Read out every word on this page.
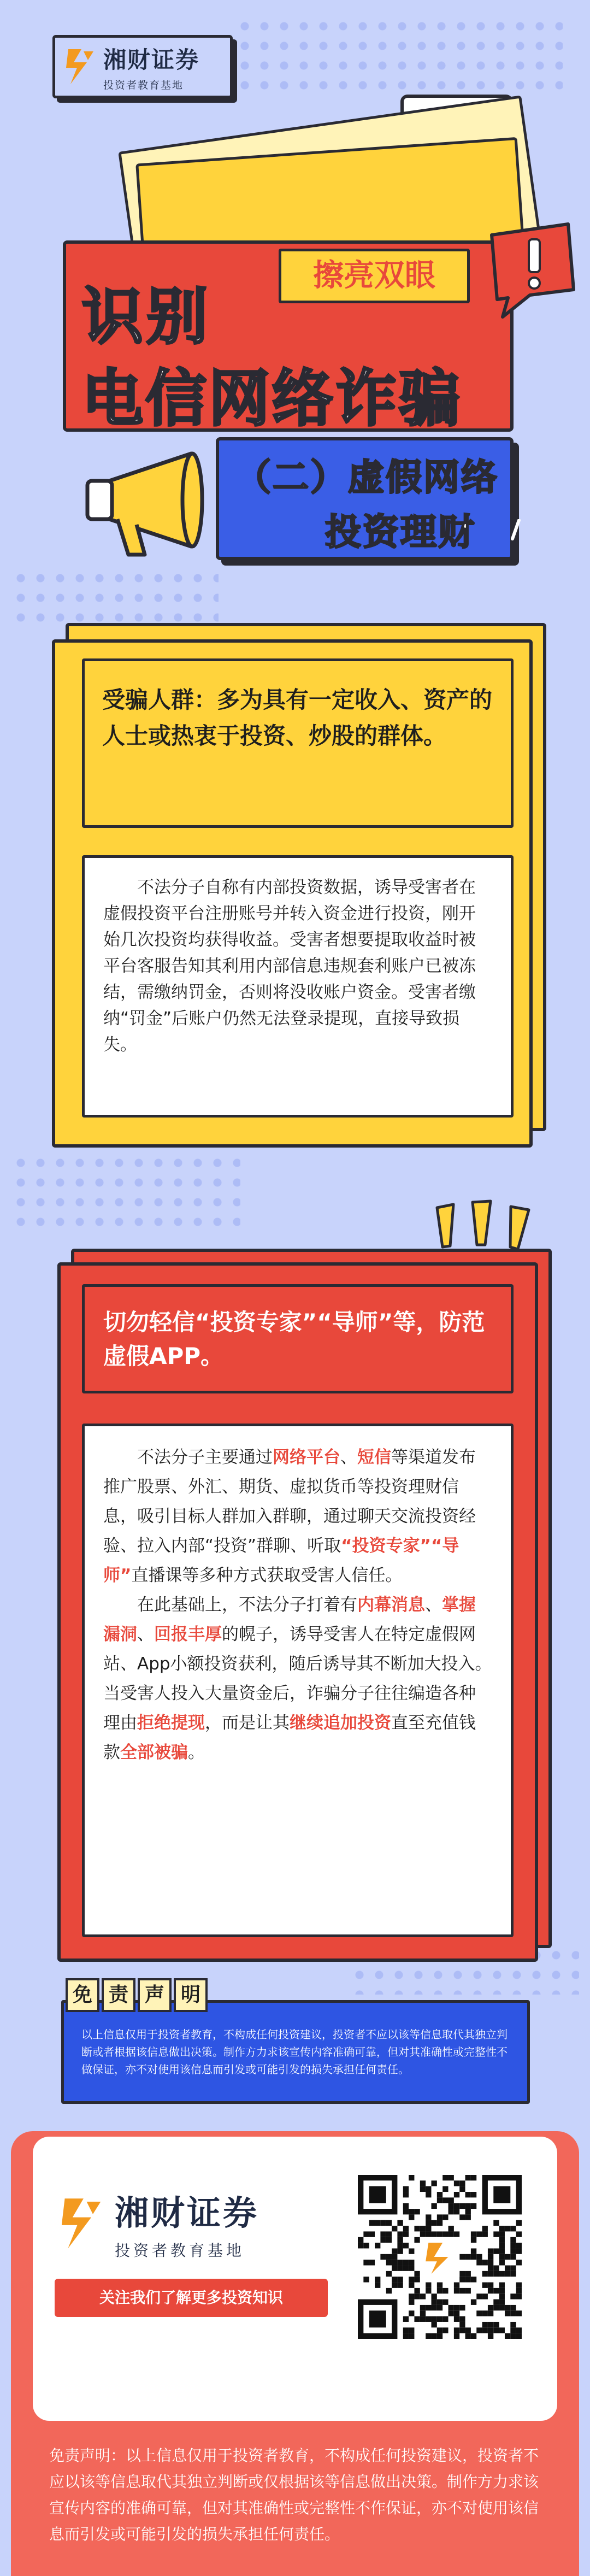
湘财证券
投资者教育基地
识别
电信网络诈骗
擦亮双眼
（二）虚假网络
投资理财
受骗人群：多为具有一定收入、资产的人士或热衷于投资、炒股的群体。
不法分子自称有内部投资数据，诱导受害者在虚假投资平台注册账号并转入资金进行投资，刚开始几次投资均获得收益。受害者想要提取收益时被平台客服告知其利用内部信息违规套利账户已被冻结，需缴纳罚金，否则将没收账户资金。受害者缴纳“罚金”后账户仍然无法登录提现，直接导致损失。
切勿轻信“投资专家”“导师”等，防范虚假APP。

不法分子主要通过网络平台、短信等渠道发布推广股票、外汇、期货、虚拟货币等投资理财信息，吸引目标人群加入群聊，通过聊天交流投资经验、拉入内部“投资”群聊、听取“投资专家”“导师”直播课等多种方式获取受害人信任。

在此基础上，不法分子打着有内幕消息、掌握漏洞、回报丰厚的幌子，诱导受害人在特定虚假网站、App小额投资获利，随后诱导其不断加大投入。当受害人投入大量资金后，诈骗分子往往编造各种理由拒绝提现，而是让其继续追加投资直至充值钱款全部被骗。

以上信息仅用于投资者教育，不构成任何投资建议，投资者不应以该等信息取代其独立判断或者根据该信息做出决策。制作方力求该宣传内容准确可靠，但对其准确性或完整性不做保证，亦不对使用该信息而引发或可能引发的损失承担任何责任。
免 责 声 明
湘财证券
投资者教育基地
关注我们了解更多投资知识
免责声明：以上信息仅用于投资者教育，不构成任何投资建议，投资者不应以该等信息取代其独立判断或仅根据该等信息做出决策。制作方力求该宣传内容的准确可靠，但对其准确性或完整性不作保证，亦不对使用该信息而引发或可能引发的损失承担任何责任。
